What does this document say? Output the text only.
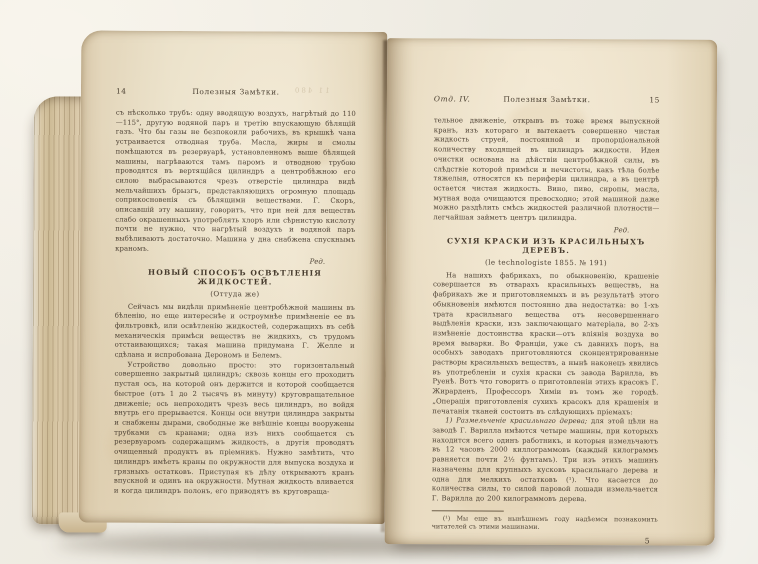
11 480
14	Полезныя Замѣтки.

съ нѣсколько трубъ: одну вводящую воздухъ, нагрѣтый до 110—115°, другую водяной паръ и третію впускающую бѣлящій газъ. Что бы газы не безпокоили рабочихъ, въ крышкѣ чана устраивается отводная труба. Масла, жиры и смолы помѣщаются въ резервуарѣ, установленномъ выше бѣлящей машины, нагрѣваются тамъ паромъ и отводною трубою проводятся въ вертящійся цилиндръ а центробѣжною его силою выбрасываются чрезъ отверстіе цилиндра видѣ мельчайшихъ брызгъ, представляющихъ огромную площадь соприкосновенія съ бѣлящими веществами. Г. Скоръ, описавшій эту машину, говоритъ, что при ней для веществъ слабо окрашенныхъ употреблять хлоръ или сѣрнистую кислоту почти не нужно, что нагрѣтый воздухъ и водяной паръ выбѣливаютъ достаточно. Машина у дна снабжена спускнымъ краномъ.

Ред.

НОВЫЙ СПОСОБЪ ОСВѢТЛЕНІЯ ЖИДКОСТЕЙ.

(Оттуда же)

Сейчасъ мы видѣли примѣненіе центробѣжной машины въ бѣленію, но еще интереснѣе и остроумнѣе примѣненіе ее въ фильтровкѣ, или освѣтленію жидкостей, содержащихъ въ себѣ механическія примѣси веществъ не жидкихъ, съ трудомъ отстаивающихся; такая машина придумана Г. Желле и сдѣлана и испробована Дерономъ и Белемъ.

Устройство довольно просто: это горизонтальный совершенно закрытый цилиндръ; сквозь концы его проходитъ пустая ось, на которой онъ держится и которой сообщается быстрое (отъ 1 до 2 тысячъ въ минуту) круговращательное движеніе; ось непроходитъ чрезъ весь цилиндръ, но войдя внутрь его прерывается. Концы оси внутри цилиндра закрыты и снабжены дырами, свободные же внѣшніе концы вооружены трубками съ кранами; одна изъ нихъ сообщается съ резервуаромъ содержащимъ жидкость, а другія проводятъ очищенный продуктъ въ пріемникъ. Нужно замѣтить, что цилиндръ имѣетъ краны по окружности для выпуска воздуха и грязныхъ остатковъ. Приступая къ дѣлу открываютъ кранъ впускной и одинъ на окружности. Мутная жидкость вливается и когда цилиндръ полонъ, его приводятъ въ круговраща-

Отд. IV.	Полезныя Замѣтки.	15

тельное движеніе, открывъ въ тоже время выпускной кранъ, изъ котораго и вытекаетъ совершенно чистая жидкость струей, постоянной и пропорціональной количеству входящей въ цилиндръ жидкости. Идея очистки основана на дѣйствіи центробѣжной силы, въ слѣдствіе которой примѣси и нечистоты, какъ тѣла болѣе тяжелыя, относятся къ периферіи цилиндра, а въ центрѣ остается чистая жидкость. Вино, пиво, сиропы, масла, мутная вода очищаются превосходно; этой машиной даже можно раздѣлить смѣсь жидкостей различной плотности—легчайшая займетъ центръ цилиндра.

Ред.

СУХІЯ КРАСКИ ИЗЪ КРАСИЛЬНЫХЪ ДЕРЕВЪ.

(le technologiste 1855. № 191)

На нашихъ фабрикахъ, по обыкновенію, крашеніе совершается въ отварахъ красильныхъ веществъ, на фабрикахъ же и приготовляемыхъ и въ результатѣ этого обыкновенія имѣются постоянно два недостатка: во 1-хъ трата красильнаго вещества отъ несовершеннаго выдѣленія краски, изъ заключающаго матеріала, во 2-хъ измѣненіе достоинства краски—отъ вліянія воздуха во время выварки. Во Франціи, уже съ давнихъ поръ, на особыхъ заводахъ приготовляются сконцентрированные растворы красильныхъ веществъ, а нынѣ наконецъ явились въ употребленіи и сухія краски съ завода Варилла, въ Руенѣ. Вотъ что говоритъ о приготовленіи этихъ красокъ Г. Жирарденъ, Профессоръ Химіи въ томъ же городѣ. „Операція приготовленія сухихъ красокъ для крашенія и печатанія тканей состоитъ въ слѣдующихъ пріемахъ:

1) Размельченіе красильнаго дерева; для этой цѣли на заводѣ Г. Варилла имѣются четыре машины, при которыхъ находится всего одинъ работникъ, и которыя измельчаютъ въ 12 часовъ 2000 киллограммовъ (каждый килограммъ равняется почти 2½ фунтамъ). Три изъ этихъ машинъ назначены для крупныхъ кусковъ красильнаго дерева и одна для мелкихъ остатковъ (¹). Что касается до количества силы, то силой паровой лошади измельчается Г. Варилла до 200 килограммовъ дерева.

(¹) Мы еще въ нынѣшнемъ году надѣемся познакомить читателей съ этими машинами.

5
